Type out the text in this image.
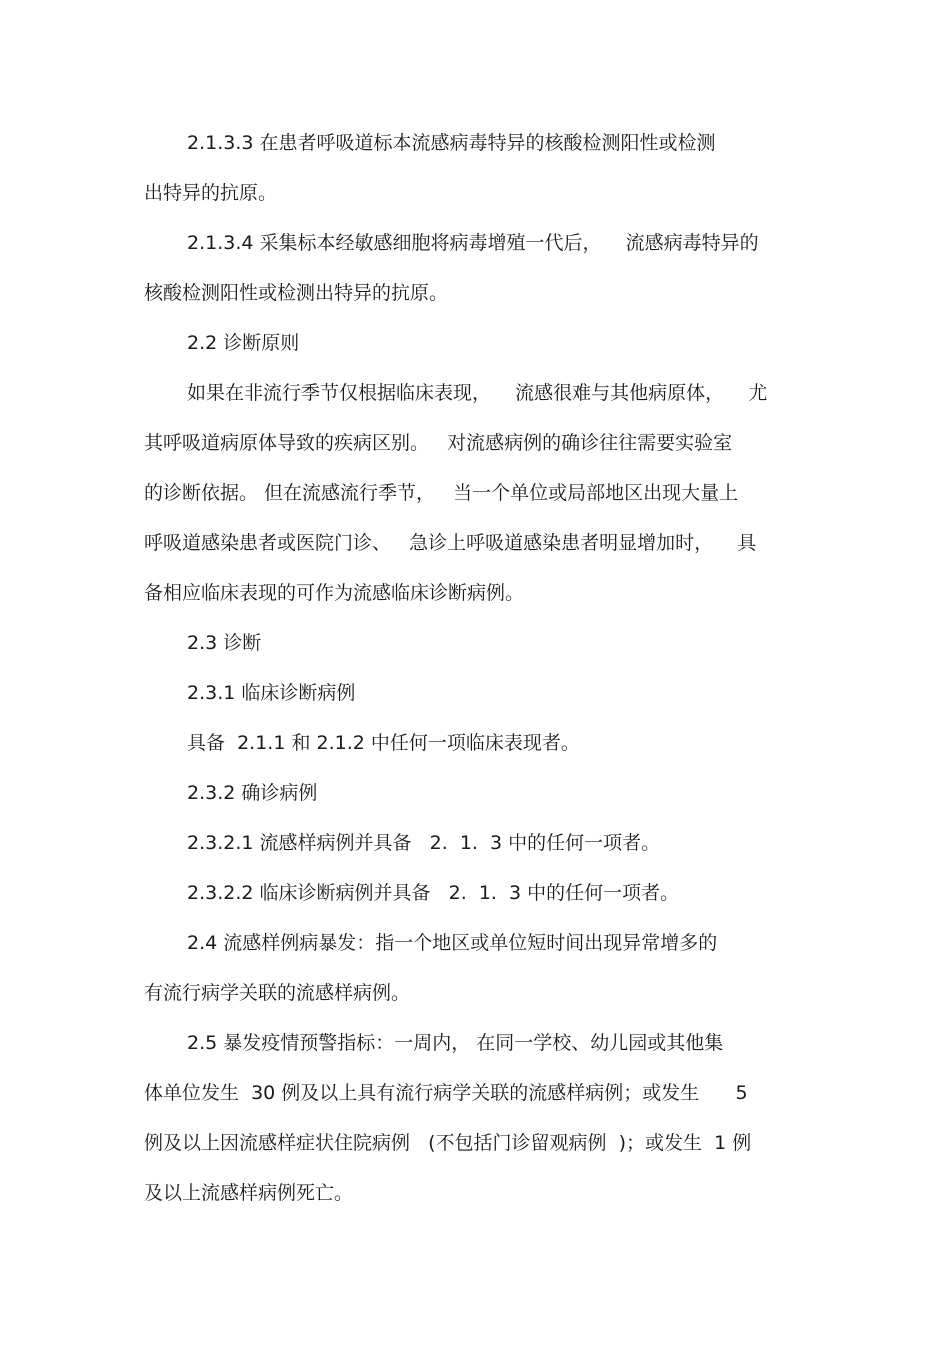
2.1.3.3 在患者呼吸道标本流感病毒特异的核酸检测阳性或检测
出特异的抗原。
2.1.3.4 采集标本经敏感细胞将病毒增殖一代后，    流感病毒特异的
核酸检测阳性或检测出特异的抗原。
2.2 诊断原则
如果在非流行季节仅根据临床表现，    流感很难与其他病原体，    尤
其呼吸道病原体导致的疾病区别。   对流感病例的确诊往往需要实验室
的诊断依据。 但在流感流行季节，   当一个单位或局部地区出现大量上
呼吸道感染患者或医院门诊、   急诊上呼吸道感染患者明显增加时，    具
备相应临床表现的可作为流感临床诊断病例。
2.3 诊断
2.3.1 临床诊断病例
具备  2.1.1 和 2.1.2 中任何一项临床表现者。
2.3.2 确诊病例
2.3.2.1 流感样病例并具备   2.  1.  3 中的任何一项者。
2.3.2.2 临床诊断病例并具备   2.  1.  3 中的任何一项者。
2.4 流感样例病暴发：指一个地区或单位短时间出现异常增多的
有流行病学关联的流感样病例。
2.5 暴发疫情预警指标：一周内， 在同一学校、幼儿园或其他集
体单位发生  30 例及以上具有流行病学关联的流感样病例；或发生      5
例及以上因流感样症状住院病例   (不包括门诊留观病例  )；或发生  1 例
及以上流感样病例死亡。
